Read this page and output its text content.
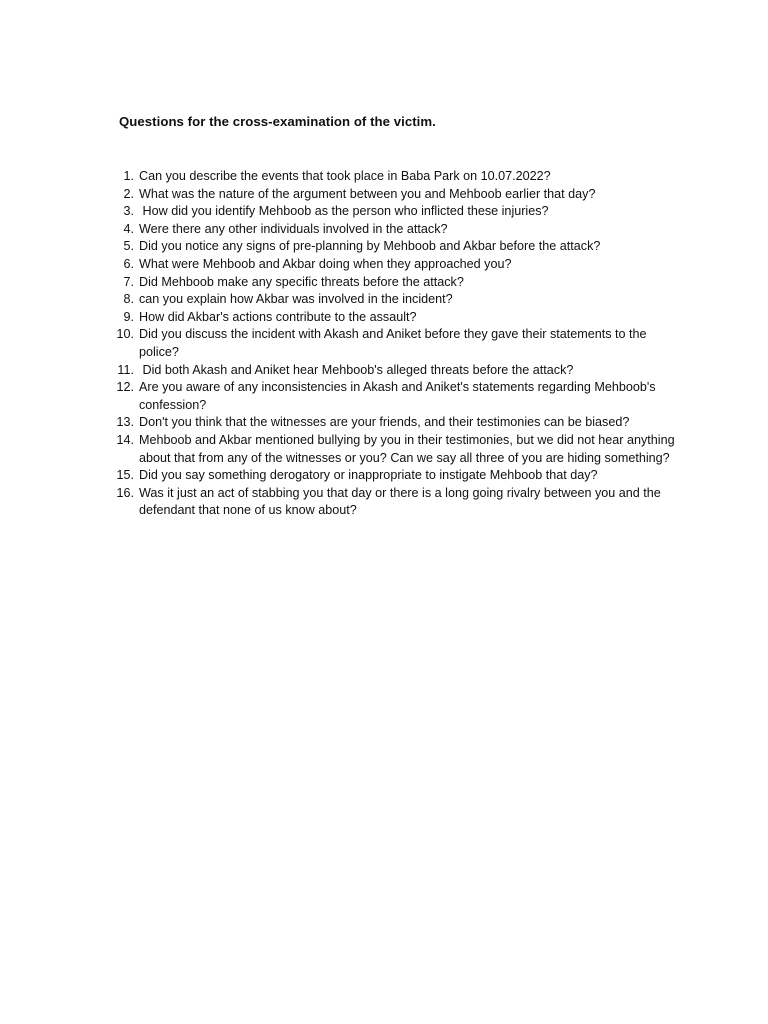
Questions for the cross-examination of the victim.
1. Can you describe the events that took place in Baba Park on 10.07.2022?
2. What was the nature of the argument between you and Mehboob earlier that day?
3. How did you identify Mehboob as the person who inflicted these injuries?
4. Were there any other individuals involved in the attack?
5. Did you notice any signs of pre-planning by Mehboob and Akbar before the attack?
6. What were Mehboob and Akbar doing when they approached you?
7. Did Mehboob make any specific threats before the attack?
8. can you explain how Akbar was involved in the incident?
9. How did Akbar's actions contribute to the assault?
10. Did you discuss the incident with Akash and Aniket before they gave their statements to the police?
11. Did both Akash and Aniket hear Mehboob's alleged threats before the attack?
12. Are you aware of any inconsistencies in Akash and Aniket's statements regarding Mehboob's confession?
13. Don't you think that the witnesses are your friends, and their testimonies can be biased?
14. Mehboob and Akbar mentioned bullying by you in their testimonies, but we did not hear anything about that from any of the witnesses or you? Can we say all three of you are hiding something?
15. Did you say something derogatory or inappropriate to instigate Mehboob that day?
16. Was it just an act of stabbing you that day or there is a long going rivalry between you and the defendant that none of us know about?
